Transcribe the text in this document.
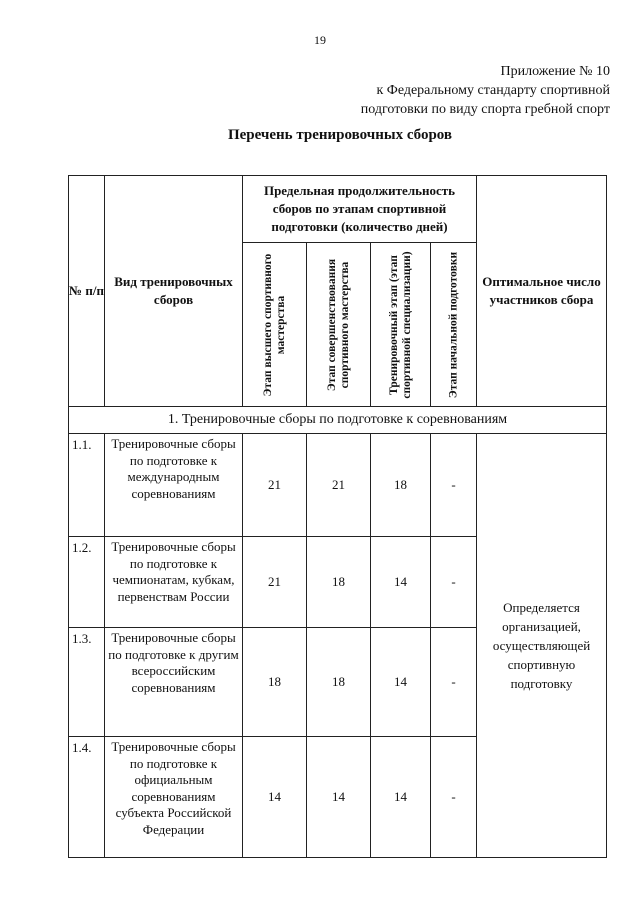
19
Приложение № 10
к Федеральному стандарту спортивной
подготовки по виду спорта гребной спорт
Перечень тренировочных сборов
№ п/п	Вид тренировочных сборов	Предельная продолжительность сборов по этапам спортивной подготовки (количество дней)				Оптимальное число участников сбора

		Этап высшего спортивного мастерства	Этап совершенствования спортивного мастерства	Тренировочный этап (этап спортивной специализации)	Этап начальной подготовки	

1. Тренировочные сборы по подготовке к соревнованиям						
1.1.	Тренировочные сборы по подготовке к международным соревнованиям	21	21	18	-	Определяется организацией, осуществляющей спортивную подготовку
1.2.	Тренировочные сборы по подготовке к чемпионатам, кубкам, первенствам России	21	18	14	-	
1.3.	Тренировочные сборы по подготовке к другим всероссийским соревнованиям	18	18	14	-	
1.4.	Тренировочные сборы по подготовке к официальным соревнованиям субъекта Российской Федерации	14	14	14	-	
